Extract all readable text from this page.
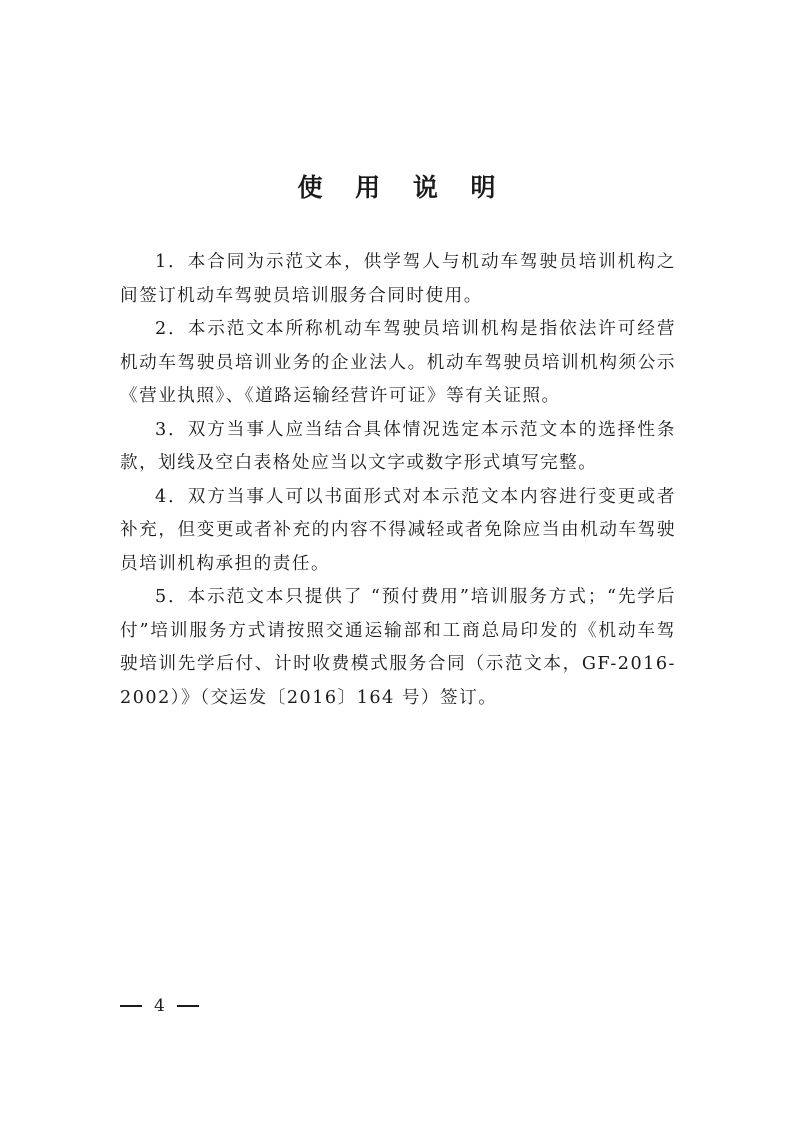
使 用 说 明

1．本合同为示范文本，供学驾人与机动车驾驶员培训机构之间签订机动车驾驶员培训服务合同时使用。

2．本示范文本所称机动车驾驶员培训机构是指依法许可经营机动车驾驶员培训业务的企业法人。机动车驾驶员培训机构须公示《营业执照》、《道路运输经营许可证》等有关证照。

3．双方当事人应当结合具体情况选定本示范文本的选择性条款，划线及空白表格处应当以文字或数字形式填写完整。

4．双方当事人可以书面形式对本示范文本内容进行变更或者补充，但变更或者补充的内容不得减轻或者免除应当由机动车驾驶员培训机构承担的责任。

5．本示范文本只提供了 “预付费用”培训服务方式；“先学后付”培训服务方式请按照交通运输部和工商总局印发的《机动车驾驶培训先学后付、计时收费模式服务合同（示范文本，GF-2016-2002）》（交运发〔2016〕164 号）签订。

4
